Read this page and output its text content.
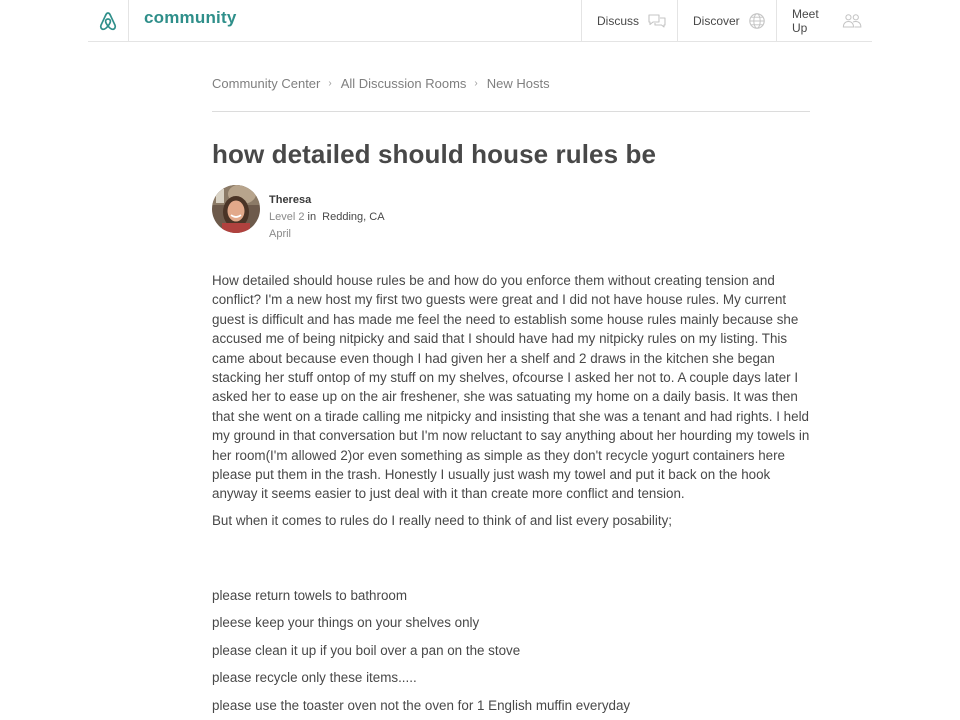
community	Discuss	Discover	Meet Up
Community Center › All Discussion Rooms › New Hosts
how detailed should house rules be
Theresa
Level 2 in Redding, CA
April

How detailed should house rules be and how do you enforce them without creating tension and conflict? I'm a new host my first two guests were great and I did not have house rules. My current guest is difficult and has made me feel the need to establish some house rules mainly because she accused me of being nitpicky and said that I should have had my nitpicky rules on my listing. This came about because even though I had given her a shelf and 2 draws in the kitchen she began stacking her stuff ontop of my stuff on my shelves, ofcourse I asked her not to. A couple days later I asked her to ease up on the air freshener, she was satuating my home on a daily basis. It was then that she went on a tirade calling me nitpicky and insisting that she was a tenant and had rights. I held my ground in that conversation but I'm now reluctant to say anything about her hourding my towels in her room(I'm allowed 2)or even something as simple as they don't recycle yogurt containers here please put them in the trash. Honestly I usually just wash my towel and put it back on the hook anyway it seems easier to just deal with it than create more conflict and tension.

But when it comes to rules do I really need to think of and list every posability;

please return towels to bathroom
pleese keep your things on your shelves only
please clean it up if you boil over a pan on the stove
please recycle only these items.....
please use the toaster oven not the oven for 1 English muffin everyday
